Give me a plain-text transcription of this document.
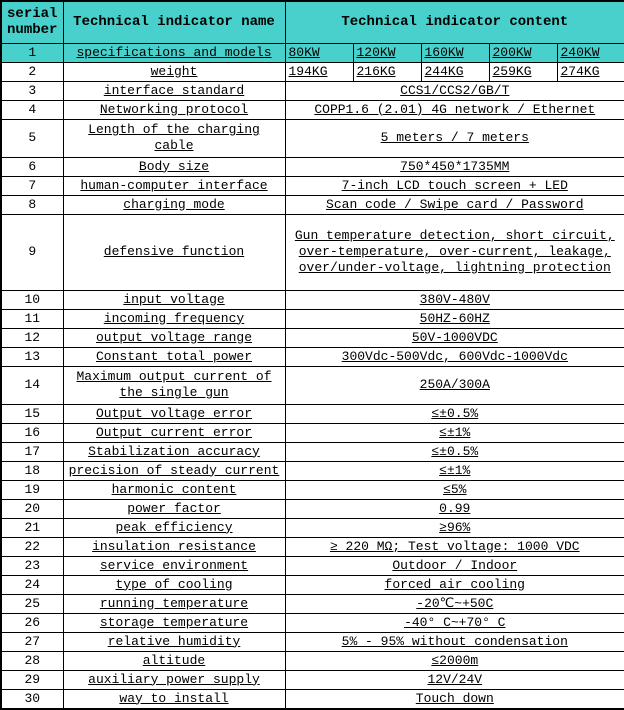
serial number	Technical indicator name	Technical indicator content				
1	specifications and models	80KW	120KW	160KW	200KW	240KW
2	weight	194KG	216KG	244KG	259KG	274KG
3	interface standard	CCS1/CCS2/GB/T				
4	Networking protocol	COPP1.6 (2.01) 4G network / Ethernet				
5	Length of the charging cable	5 meters / 7 meters				
6	Body size	750*450*1735MM				
7	human-computer interface	7-inch LCD touch screen + LED				
8	charging mode	Scan code / Swipe card / Password				
9	defensive function	Gun temperature detection, short circuit, over-temperature, over-current, leakage, over/under-voltage, lightning protection				
10	input voltage	380V-480V				
11	incoming frequency	50HZ-60HZ				
12	output voltage range	50V-1000VDC				
13	Constant total power	300Vdc-500Vdc, 600Vdc-1000Vdc				
14	Maximum output current of the single gun	250A/300A				
15	Output voltage error	≤±0.5%				
16	Output current error	≤±1%				
17	Stabilization accuracy	≤±0.5%				
18	precision of steady current	≤±1%				
19	harmonic content	≤5%				
20	power factor	0.99				
21	peak efficiency	≥96%				
22	insulation resistance	≥ 220 MΩ; Test voltage: 1000 VDC				
23	service environment	Outdoor / Indoor				
24	type of cooling	forced air cooling				
25	running temperature	-20℃~+50C				
26	storage temperature	-40° C~+70° C				
27	relative humidity	5% - 95% without condensation				
28	altitude	≤2000m				
29	auxiliary power supply	12V/24V				
30	way to install	Touch down				
